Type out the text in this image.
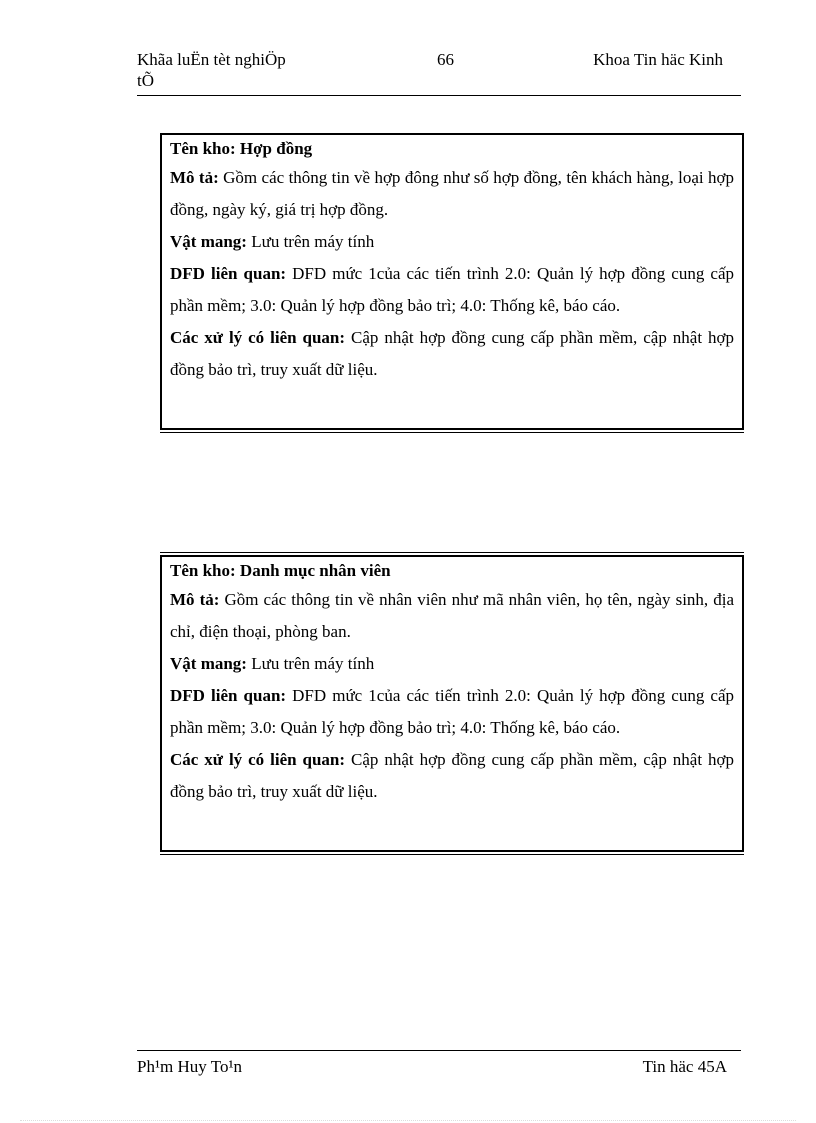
Khãa luËn tèt nghiÖp
tÕ
66	Khoa Tin häc Kinh
Tên kho: Hợp đồng
Mô tả: Gồm các thông tin về hợp đông như số hợp đồng, tên khách hàng, loại hợp đồng, ngày ký, giá trị hợp đồng.
Vật mang: Lưu trên máy tính
DFD liên quan: DFD mức 1của các tiến trình 2.0: Quản lý hợp đồng cung cấp phần mềm; 3.0: Quản lý hợp đồng bảo trì; 4.0: Thống kê, báo cáo.
Các xử lý có liên quan: Cập nhật hợp đồng cung cấp phần mềm, cập nhật hợp đồng bảo trì, truy xuất dữ liệu.
Tên kho: Danh mục nhân viên
Mô tả: Gồm các thông tin về nhân viên như mã nhân viên, họ tên, ngày sinh, địa chỉ, điện thoại, phòng ban.
Vật mang: Lưu trên máy tính
DFD liên quan: DFD mức 1của các tiến trình 2.0: Quản lý hợp đồng cung cấp phần mềm; 3.0: Quản lý hợp đồng bảo trì; 4.0: Thống kê, báo cáo.
Các xử lý có liên quan: Cập nhật hợp đồng cung cấp phần mềm, cập nhật hợp đồng bảo trì, truy xuất dữ liệu.
Ph¹m Huy To¹n	Tin häc 45A
